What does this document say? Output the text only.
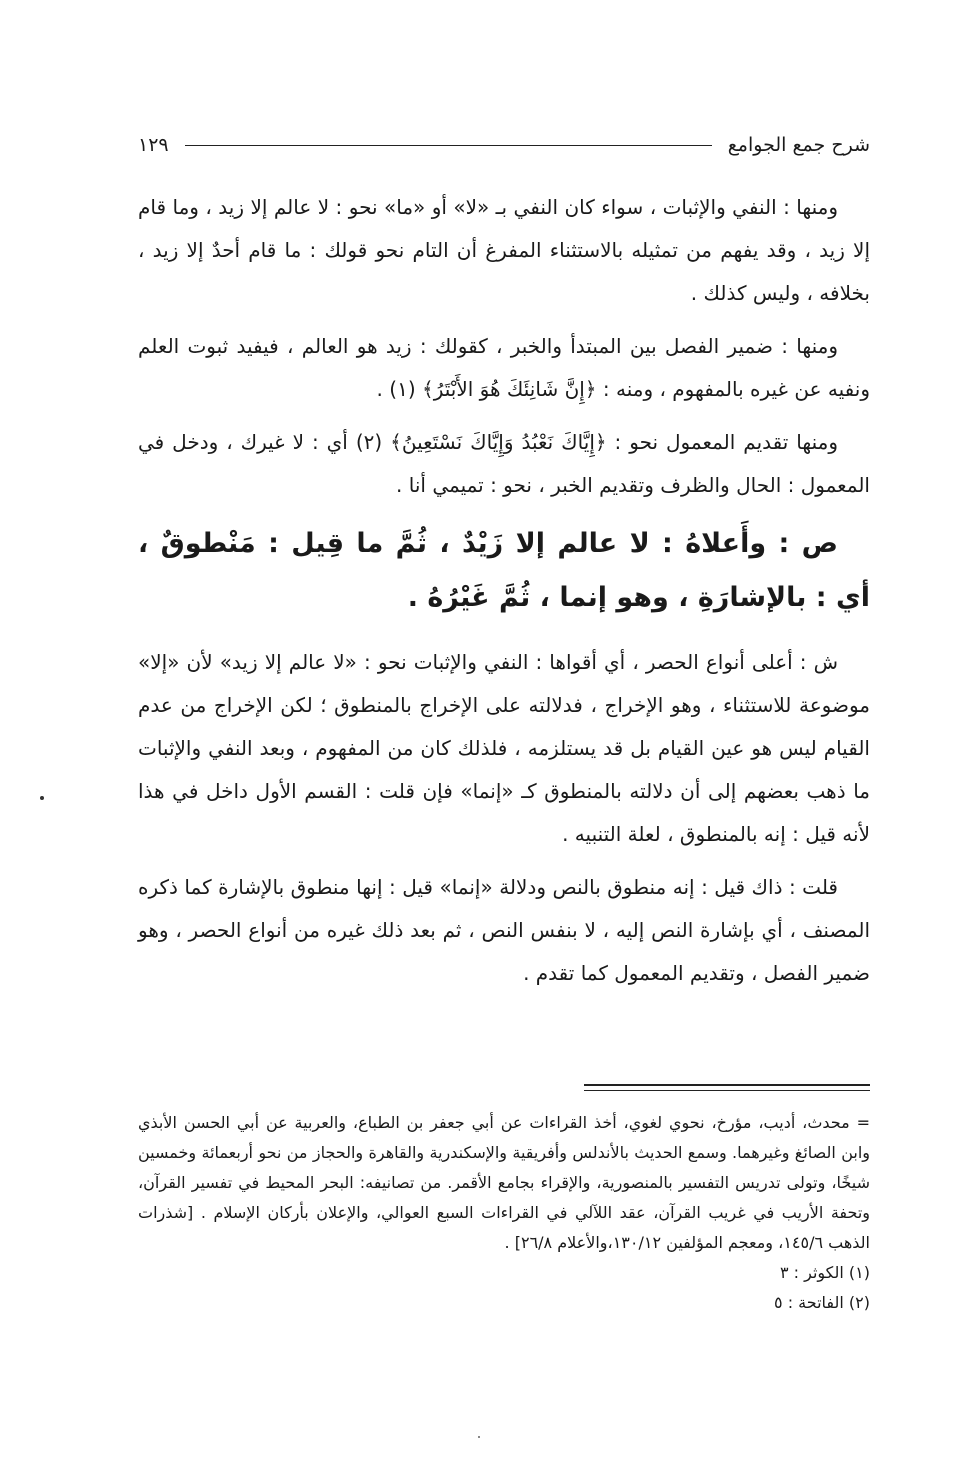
شرح جمع الجوامع
١٢٩

ومنها : النفي والإثبات ، سواء كان النفي بـ «لا» أو «ما» نحو : لا عالم إلا زيد ، وما قام إلا زيد ، وقد يفهم من تمثيله بالاستثناء المفرغ أن التام نحو قولك : ما قام أحدٌ إلا زيد ، بخلافه ، وليس كذلك .

ومنها : ضمير الفصل بين المبتدأ والخبر ، كقولك : زيد هو العالم ، فيفيد ثبوت العلم ونفيه عن غيره بالمفهوم ، ومنه : ﴿إِنَّ شَانِئَكَ هُوَ الأَبْتَرُ﴾ (١) .

ومنها تقديم المعمول نحو : ﴿إِيَّاكَ نَعْبُدُ وَإِيَّاكَ نَسْتَعِينُ﴾ (٢) أي : لا غيرك ، ودخل في المعمول : الحال والظرف وتقديم الخبر ، نحو : تميمي أنا .

ص : وأَعلاهُ : لا عالم إلا زَيْدٌ ، ثُمَّ ما قِيل : مَنْطوقٌ ، أي : بالإشارَةِ ، وهو إنما ، ثُمَّ غَيْرُهُ .

ش : أعلى أنواع الحصر ، أي أقواها : النفي والإثبات نحو : «لا عالم إلا زيد» لأن «إلا» موضوعة للاستثناء ، وهو الإخراج ، فدلالته على الإخراج بالمنطوق ؛ لكن الإخراج من عدم القيام ليس هو عين القيام بل قد يستلزمه ، فلذلك كان من المفهوم ، وبعد النفي والإثبات ما ذهب بعضهم إلى أن دلالته بالمنطوق كـ «إنما» فإن قلت : القسم الأول داخل في هذا لأنه قيل : إنه بالمنطوق ، لعلة التنبيه .

قلت : ذاك قيل : إنه منطوق بالنص ودلالة «إنما» قيل : إنها منطوق بالإشارة كما ذكره المصنف ، أي بإشارة النص إليه ، لا بنفس النص ، ثم بعد ذلك غيره من أنواع الحصر ، وهو ضمير الفصل ، وتقديم المعمول كما تقدم .

= محدث، أديب، مؤرخ، نحوي لغوي، أخذ القراءات عن أبي جعفر بن الطباع، والعربية عن أبي الحسن الأبذي وابن الصائغ وغيرهما. وسمع الحديث بالأندلس وأفريقية والإسكندرية والقاهرة والحجاز من نحو أربعمائة وخمسين شيخًا، وتولى تدريس التفسير بالمنصورية، والإقراء بجامع الأقمر. من تصانيفه: البحر المحيط في تفسير القرآن، وتحفة الأريب في غريب القرآن، عقد اللآلي في القراءات السبع العوالي، والإعلان بأركان الإسلام . [شذرات الذهب ١٤٥/٦، ومعجم المؤلفين ١٣٠/١٢،والأعلام ٢٦/٨] .

(١) الكوثر : ٣

(٢) الفاتحة : ٥
